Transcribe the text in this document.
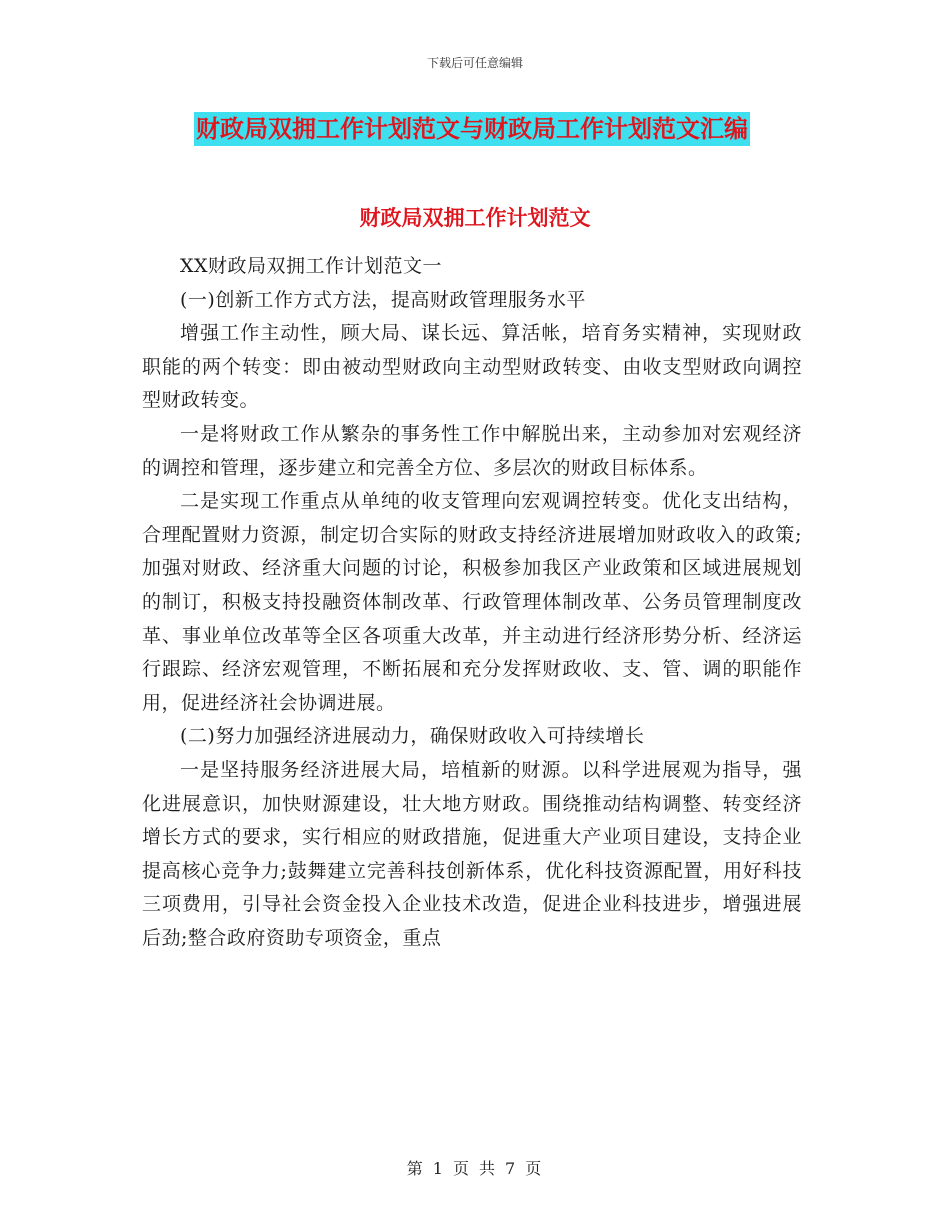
下载后可任意编辑
财政局双拥工作计划范文与财政局工作计划范文汇编
财政局双拥工作计划范文

XX财政局双拥工作计划范文一

(一)创新工作方式方法，提高财政管理服务水平

增强工作主动性，顾大局、谋长远、算活帐，培育务实精神，实现财政职能的两个转变：即由被动型财政向主动型财政转变、由收支型财政向调控型财政转变。

一是将财政工作从繁杂的事务性工作中解脱出来，主动参加对宏观经济的调控和管理，逐步建立和完善全方位、多层次的财政目标体系。

二是实现工作重点从单纯的收支管理向宏观调控转变。优化支出结构，合理配置财力资源，制定切合实际的财政支持经济进展增加财政收入的政策;加强对财政、经济重大问题的讨论，积极参加我区产业政策和区域进展规划的制订，积极支持投融资体制改革、行政管理体制改革、公务员管理制度改革、事业单位改革等全区各项重大改革，并主动进行经济形势分析、经济运行跟踪、经济宏观管理，不断拓展和充分发挥财政收、支、管、调的职能作用，促进经济社会协调进展。

(二)努力加强经济进展动力，确保财政收入可持续增长

一是坚持服务经济进展大局，培植新的财源。以科学进展观为指导，强化进展意识，加快财源建设，壮大地方财政。围绕推动结构调整、转变经济增长方式的要求，实行相应的财政措施，促进重大产业项目建设，支持企业提高核心竞争力;鼓舞建立完善科技创新体系，优化科技资源配置，用好科技三项费用，引导社会资金投入企业技术改造，促进企业科技进步，增强进展后劲;整合政府资助专项资金，重点

第 1 页 共 7 页
